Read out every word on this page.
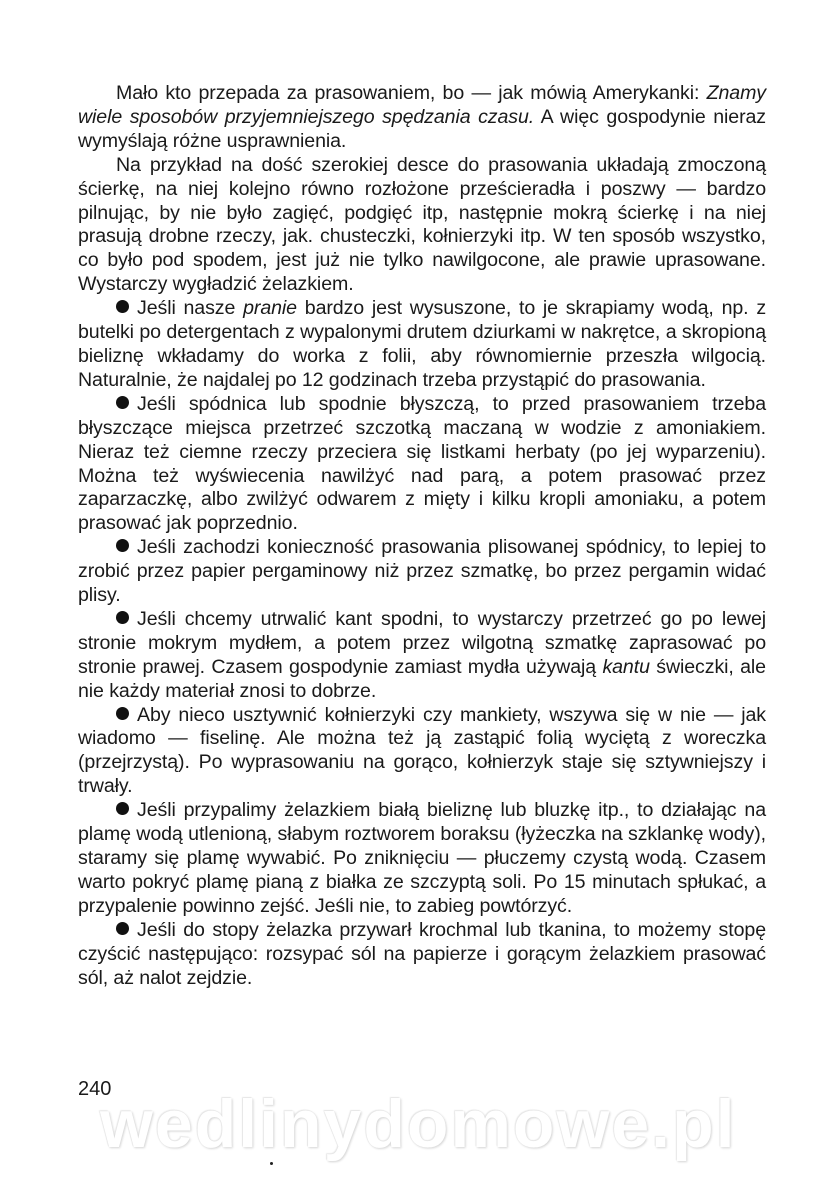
Mało kto przepada za prasowaniem, bo — jak mówią Amerykanki: Znamy wiele sposobów przyjemniejszego spędzania czasu. A więc gospodynie nieraz wymyślają różne usprawnienia.

Na przykład na dość szerokiej desce do prasowania układają zmoczoną ścierkę, na niej kolejno równo rozłożone prześcieradła i poszwy — bardzo pilnując, by nie było zagięć, podgięć itp, następnie mokrą ścierkę i na niej prasują drobne rzeczy, jak. chusteczki, kołnierzyki itp. W ten sposób wszystko, co było pod spodem, jest już nie tylko nawilgocone, ale prawie uprasowane. Wystarczy wygładzić żelazkiem.

Jeśli nasze pranie bardzo jest wysuszone, to je skrapiamy wodą, np. z butelki po detergentach z wypalonymi drutem dziurkami w nakrętce, a skropioną bieliznę wkładamy do worka z folii, aby równomiernie przeszła wilgocią. Naturalnie, że najdalej po 12 godzinach trzeba przystąpić do prasowania.

Jeśli spódnica lub spodnie błyszczą, to przed prasowaniem trzeba błyszczące miejsca przetrzeć szczotką maczaną w wodzie z amoniakiem. Nieraz też ciemne rzeczy przeciera się listkami herbaty (po jej wyparzeniu). Można też wyświecenia nawilżyć nad parą, a potem prasować przez zaparzaczkę, albo zwilżyć odwarem z mięty i kilku kropli amoniaku, a potem prasować jak poprzednio.

Jeśli zachodzi konieczność prasowania plisowanej spódnicy, to lepiej to zrobić przez papier pergaminowy niż przez szmatkę, bo przez pergamin widać plisy.

Jeśli chcemy utrwalić kant spodni, to wystarczy przetrzeć go po lewej stronie mokrym mydłem, a potem przez wilgotną szmatkę zaprasować po stronie prawej. Czasem gospodynie zamiast mydła używają kantu świeczki, ale nie każdy materiał znosi to dobrze.

Aby nieco usztywnić kołnierzyki czy mankiety, wszywa się w nie — jak wiadomo — fiselinę. Ale można też ją zastąpić folią wyciętą z woreczka (przejrzystą). Po wyprasowaniu na gorąco, kołnierzyk staje się sztywniejszy i trwały.

Jeśli przypalimy żelazkiem białą bieliznę lub bluzkę itp., to działając na plamę wodą utlenioną, słabym roztworem boraksu (łyżeczka na szklankę wody), staramy się plamę wywabić. Po zniknięciu — płuczemy czystą wodą. Czasem warto pokryć plamę pianą z białka ze szczyptą soli. Po 15 minutach spłukać, a przypalenie powinno zejść. Jeśli nie, to zabieg powtórzyć.

Jeśli do stopy żelazka przywarł krochmal lub tkanina, to możemy stopę czyścić następująco: rozsypać sól na papierze i gorącym żelazkiem prasować sól, aż nalot zejdzie.

wedlinydomowe.pl
240
